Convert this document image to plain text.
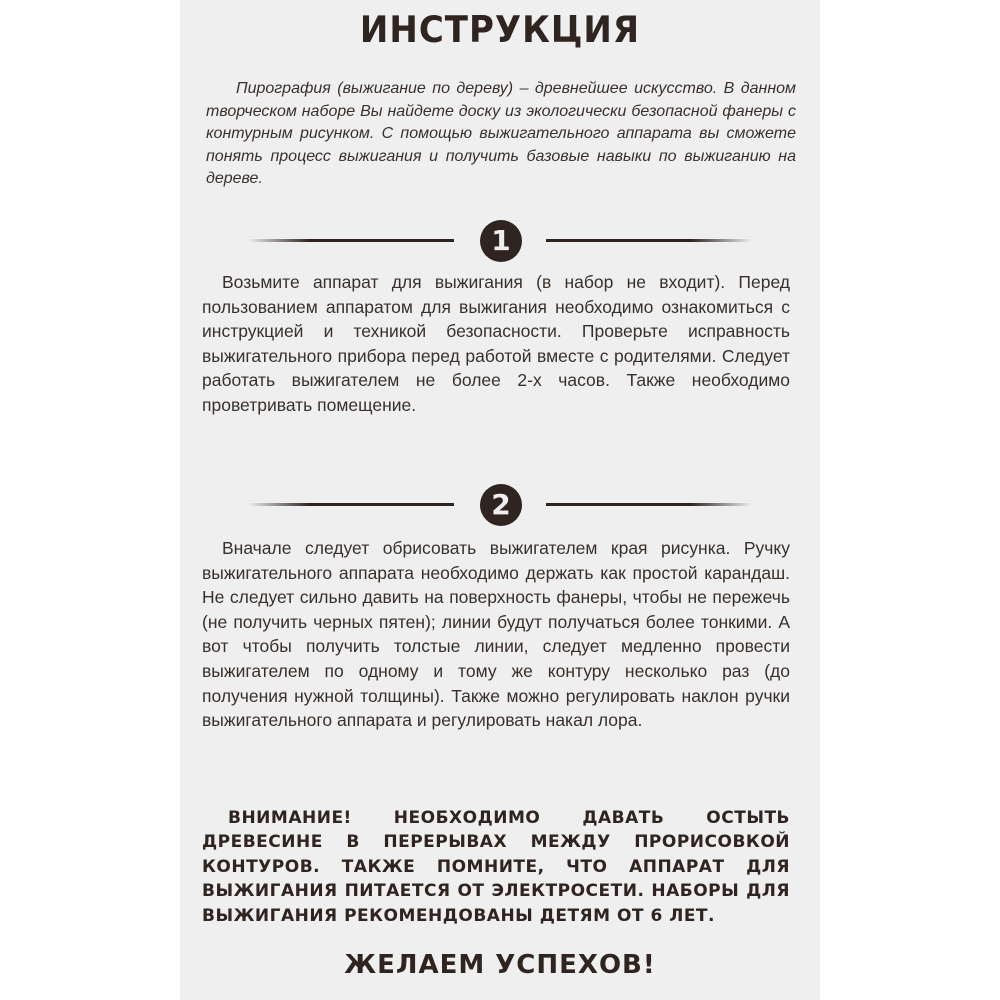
ИНСТРУКЦИЯ
Пирография (выжигание по дереву) – древнейшее искусство. В данном творческом наборе Вы найдете доску из экологически безопасной фанеры с контурным рисунком. С помощью выжигательного аппарата вы сможете понять процесс выжигания и получить базовые навыки по выжиганию на дереве.
1
Возьмите аппарат для выжигания (в набор не входит). Перед пользованием аппаратом для выжигания необходимо ознакомиться с инструкцией и техникой безопасности. Проверьте исправность выжигательного прибора перед работой вместе с родителями. Следует работать выжигателем не более 2-х часов. Также необходимо проветривать помещение.
2
Вначале следует обрисовать выжигателем края рисунка. Ручку выжигательного аппарата необходимо держать как простой карандаш. Не следует сильно давить на поверхность фанеры, чтобы не пережечь (не получить черных пятен); линии будут получаться более тонкими. А вот чтобы получить толстые линии, следует медленно провести выжигателем по одному и тому же контуру несколько раз (до получения нужной толщины). Также можно регулировать наклон ручки выжигательного аппарата и регулировать накал лора.
ВНИМАНИЕ! НЕОБХОДИМО ДАВАТЬ ОСТЫТЬ ДРЕВЕСИНЕ В ПЕРЕРЫВАХ МЕЖДУ ПРОРИСОВКОЙ КОНТУРОВ. ТАКЖЕ ПОМНИТЕ, ЧТО АППАРАТ ДЛЯ ВЫЖИГАНИЯ ПИТАЕТСЯ ОТ ЭЛЕКТРОСЕТИ. НАБОРЫ ДЛЯ ВЫЖИГАНИЯ РЕКОМЕНДОВАНЫ ДЕТЯМ ОТ 6 ЛЕТ.
ЖЕЛАЕМ УСПЕХОВ!
